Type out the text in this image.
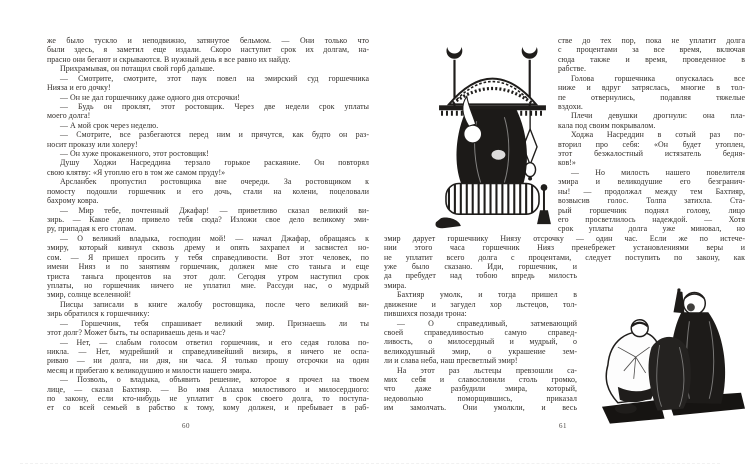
же было тускло и неподвижно, затянутое бельмом. — Они только что
были здесь, я заметил еще издали. Скоро наступит срок их долгам, на-
прасно они бегают и скрываются. В нужный день я все равно их найду.
Прихрамывая, он потащил свой горб дальше.
— Смотрите, смотрите, этот паук повел на эмирский суд горшечника
Нияза и его дочку!
— Он не дал горшечнику даже одного дня отсрочки!
— Будь он проклят, этот ростовщик. Через две недели срок уплаты
моего долга!
— А мой срок через неделю.
— Смотрите, все разбегаются перед ним и прячутся, как будто он раз-
носит проказу или холеру!
— Он хуже прокаженного, этот ростовщик!
Душу Ходжи Насреддина терзало горькое раскаяние. Он повторял
свою клятву: «Я утоплю его в том же самом пруду!»
Арсланбек пропустил ростовщика вне очереди. За ростовщиком к
помосту подошли горшечник и его дочь, стали на колени, поцеловали
бахрому ковра.
— Мир тебе, почтенный Джафар! — приветливо сказал великий ви-
зирь. — Какое дело привело тебя сюда? Изложи свое дело великому эми-
ру, припадая к его стопам.
— О великий владыка, господин мой! — начал Джафар, обращаясь к
эмиру, который кивнул сквозь дрему и опять захрапел и засвистел но-
сом. — Я пришел просить у тебя справедливости. Вот этот человек, по
имени Нияз и по занятиям горшечник, должен мне сто таньга и еще
триста таньга процентов на этот долг. Сегодня утром наступил срок
уплаты, но горшечник ничего не уплатил мне. Рассуди нас, о мудрый
эмир, солнце вселенной!
Писцы записали в книге жалобу ростовщика, после чего великий ви-
зирь обратился к горшечнику:
— Горшечник, тебя спрашивает великий эмир. Признаешь ли ты
этот долг? Может быть, ты оспариваешь день и час?
— Нет, — слабым голосом ответил горшечник, и его седая голова по-
никла. — Нет, мудрейший и справедливейший визирь, я ничего не оспа-
риваю — ни долга, ни дня, ни часа. Я только прошу отсрочки на один
месяц и прибегаю к великодушию и милости нашего эмира.
— Позволь, о владыка, объявить решение, которое я прочел на твоем
лице, — сказал Бахтияр. — Во имя Аллаха милостивого и милосердного:
по закону, если кто-нибудь не уплатит в срок своего долга, то поступа-
ет со всей семьей в рабство к тому, кому должен, и пребывает в раб-
60
стве до тех пор, пока не уплатит долга
с процентами за все время, включая
сюда также и время, проведенное в
рабстве.
Голова горшечника опускалась все
ниже и вдруг затряслась, многие в тол-
пе отвернулись, подавляя тяжелые
вздохи.
Плечи девушки дрогнули: она пла-
кала под своим покрывалом.
Ходжа Насреддин в сотый раз по-
вторил про себя: «Он будет утоплен,
этот безжалостный истязатель бедня-
ков!»
— Но милость нашего повелителя
эмира и великодушие его безгранич-
ны! — продолжал между тем Бахтияр,
возвысив голос. Толпа затихла. Ста-
рый горшечник поднял голову, лицо
его просветлилось надеждой. — Хотя
срок уплаты долга уже миновал, но
эмир дарует горшечнику Ниязу отсрочку — один час. Если же по истече-
нии этого часа горшечник Нияз пренебрежет установлениями веры и
не уплатит всего долга с процентами, следует поступить по закону, как
уже было сказано. Иди, горшечник, и
да пребудет над тобою впредь милость
эмира.
Бахтияр умолк, и тогда пришел в
движение и загудел хор льстецов, тол-
пившихся позади трона:
— О справедливый, затмевающий
своей справедливостью самую справед-
ливость, о милосердный и мудрый, о
великодушный эмир, о украшение зем-
ли и слава неба, наш пресветлый эмир!
На этот раз льстецы превзошли са-
мих себя и славословили столь громко,
что даже разбудили эмира, который,
недовольно поморщившись, приказал
им замолчать. Они умолкли, и весь
61
